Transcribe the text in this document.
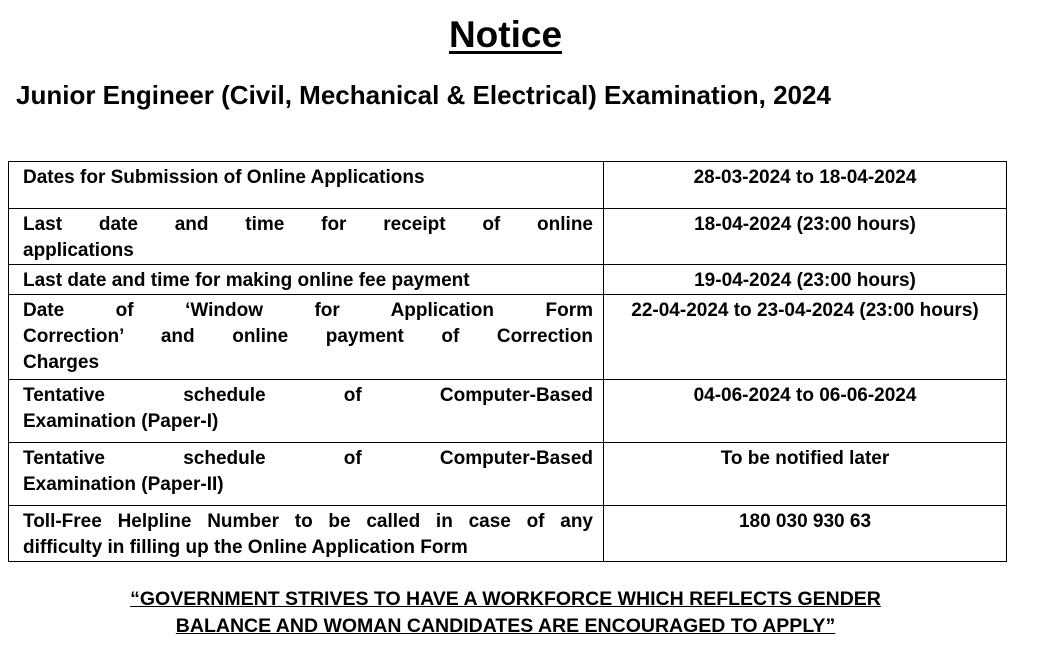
Notice
Junior Engineer (Civil, Mechanical & Electrical) Examination, 2024
Dates for Submission of Online Applications	28-03-2024 to 18-04-2024

Last date and time for receipt of online
applications	18-04-2024 (23:00 hours)

Last date and time for making online fee payment	19-04-2024 (23:00 hours)

Date of ‘Window for Application Form
Correction’ and online payment of Correction
Charges	22-04-2024 to 23-04-2024 (23:00 hours)

Tentative schedule of Computer-Based
Examination (Paper-I)	04-06-2024 to 06-06-2024

Tentative schedule of Computer-Based
Examination (Paper-II)	To be notified later

Toll-Free Helpline Number to be called in case of any
difficulty in filling up the Online Application Form	180 030 930 63
“GOVERNMENT STRIVES TO HAVE A WORKFORCE WHICH REFLECTS GENDER
BALANCE AND WOMAN CANDIDATES ARE ENCOURAGED TO APPLY”
